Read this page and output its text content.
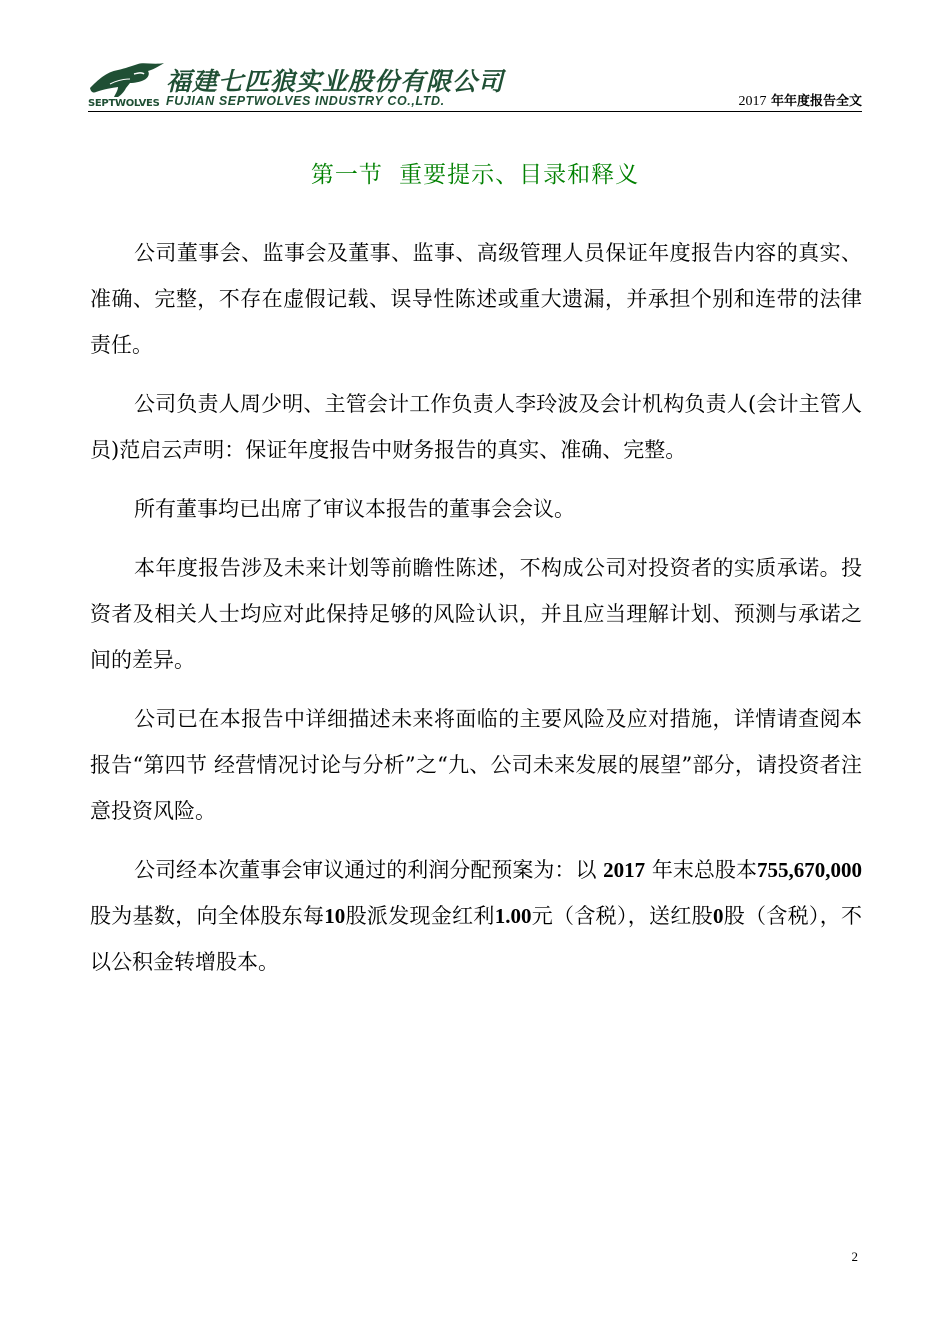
SEPTWOLVES
福建七匹狼实业股份有限公司
FUJIAN SEPTWOLVES INDUSTRY CO.,LTD.	2017 年年度报告全文
第一节 重要提示、目录和释义

公司董事会、监事会及董事、监事、高级管理人员保证年度报告内容的真实、准确、完整，不存在虚假记载、误导性陈述或重大遗漏，并承担个别和连带的法律责任。

公司负责人周少明、主管会计工作负责人李玲波及会计机构负责人(会计主管人员)范启云声明：保证年度报告中财务报告的真实、准确、完整。

所有董事均已出席了审议本报告的董事会会议。

本年度报告涉及未来计划等前瞻性陈述，不构成公司对投资者的实质承诺。投资者及相关人士均应对此保持足够的风险认识，并且应当理解计划、预测与承诺之间的差异。

公司已在本报告中详细描述未来将面临的主要风险及应对措施，详情请查阅本报告“第四节 经营情况讨论与分析”之“九、公司未来发展的展望”部分，请投资者注意投资风险。

公司经本次董事会审议通过的利润分配预案为：以 2017 年末总股本755,670,000股为基数，向全体股东每10股派发现金红利1.00元（含税），送红股0股（含税），不以公积金转增股本。

2
